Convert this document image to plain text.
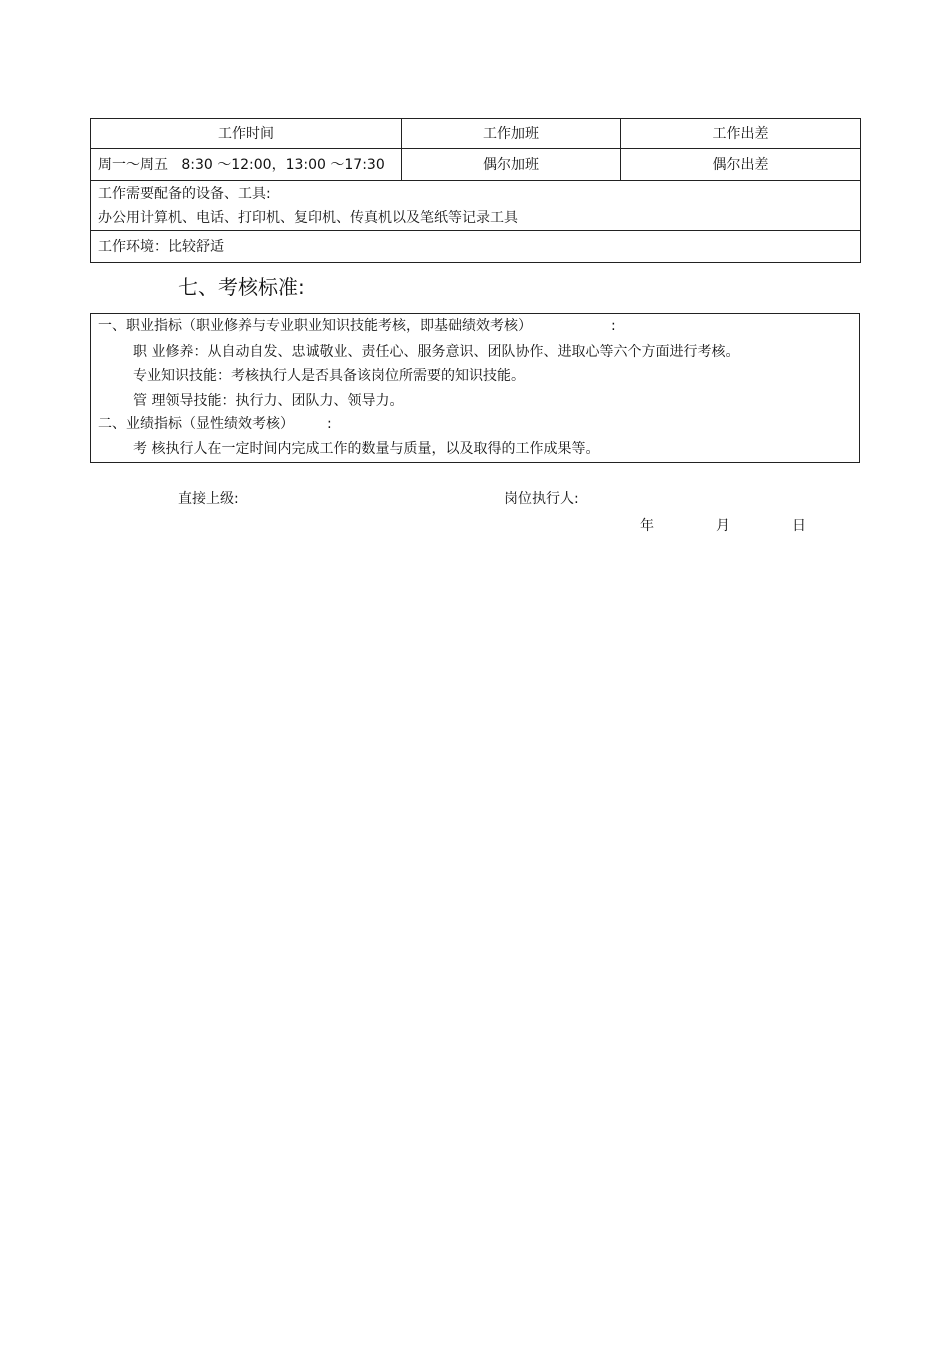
工作时间	工作加班	工作出差
周一～周五   8:30 ～12:00，13:00 ～17:30	偶尔加班	偶尔出差

工作需要配备的设备、工具:
办公用计算机、电话、打印机、复印机、传真机以及笔纸等记录工具		

工作环境：比较舒适		
七、考核标准:
一、职业指标（职业修养与专业职业知识技能考核，即基础绩效考核）	:
职 业修养：从自动自发、忠诚敬业、责任心、服务意识、团队协作、进取心等六个方面进行考核。
专业知识技能：考核执行人是否具备该岗位所需要的知识技能。
管 理领导技能：执行力、团队力、领导力。
二、业绩指标（显性绩效考核） :
考 核执行人在一定时间内完成工作的数量与质量，以及取得的工作成果等。
直接上级:	岗位执行人:
年	月	日
